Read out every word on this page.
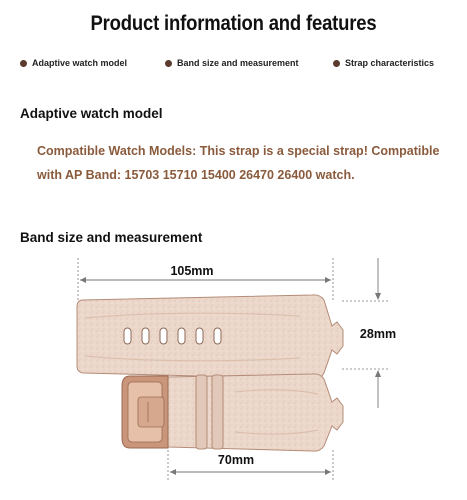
Product information and features
Adaptive watch model	Band size and measurement	Strap characteristics
Adaptive watch model
Compatible Watch Models: This strap is a special strap! Compatible
with AP Band: 15703 15710 15400 26470 26400 watch.
Band size and measurement
105mm
28mm
70mm
